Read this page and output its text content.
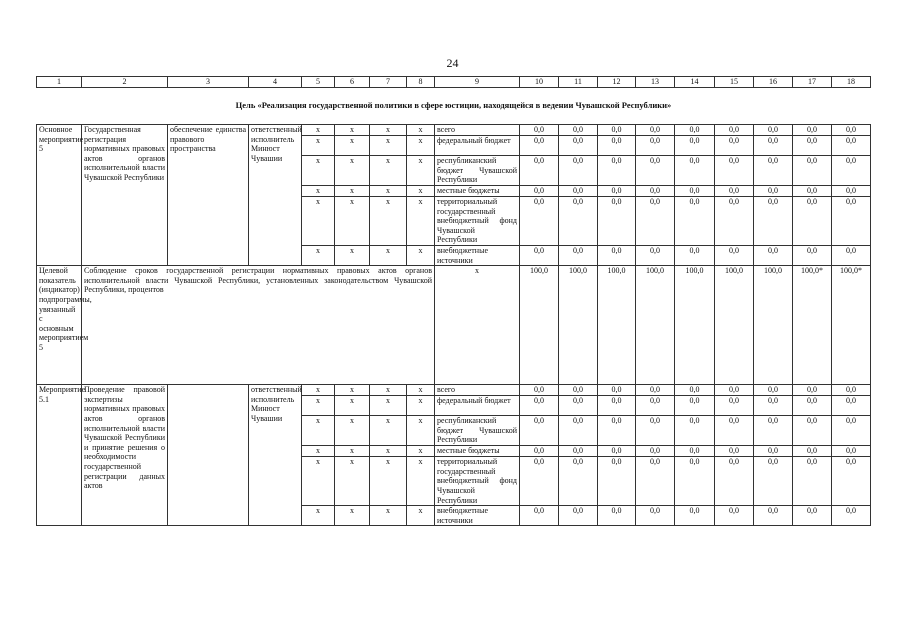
24
1	2	3	4	5	6	7	8	9	10	11	12	13	14	15	16	17	18
Цель «Реализация государственной политики в сфере юстиции, находящейся в ведении Чувашской Республики»																	
Основное мероприятие 5	Государственная регистрация нормативных правовых актов органов исполнительной власти Чувашской Республики	обеспечение единства правового пространства	ответственный исполнитель Минюст Чувашии	x	x	x	x	всего	0,0	0,0	0,0	0,0	0,0	0,0	0,0	0,0	0,0
				x	x	x	x	федеральный бюджет	0,0	0,0	0,0	0,0	0,0	0,0	0,0	0,0	0,0
				x	x	x	x	республиканский бюджет Чувашской Республики	0,0	0,0	0,0	0,0	0,0	0,0	0,0	0,0	0,0
				x	x	x	x	местные бюджеты	0,0	0,0	0,0	0,0	0,0	0,0	0,0	0,0	0,0
				x	x	x	x	территориальный государственный внебюджетный фонд Чувашской Республики	0,0	0,0	0,0	0,0	0,0	0,0	0,0	0,0	0,0
				x	x	x	x	внебюджетные источники	0,0	0,0	0,0	0,0	0,0	0,0	0,0	0,0	0,0
Целевой показатель (индикатор) подпрограммы, увязанный с основным мероприятием 5	Соблюдение сроков государственной регистрации нормативных правовых актов органов исполнительной власти Чувашской Республики, установленных законодательством Чувашской Республики, процентов							x	100,0	100,0	100,0	100,0	100,0	100,0	100,0	100,0*	100,0*
Мероприятие 5.1	Проведение правовой экспертизы нормативных правовых актов органов исполнительной власти Чувашской Республики и принятие решения о необходимости государственной регистрации данных актов		ответственный исполнитель Минюст Чувашии	x	x	x	x	всего	0,0	0,0	0,0	0,0	0,0	0,0	0,0	0,0	0,0
				x	x	x	x	федеральный бюджет	0,0	0,0	0,0	0,0	0,0	0,0	0,0	0,0	0,0
				x	x	x	x	республиканский бюджет Чувашской Республики	0,0	0,0	0,0	0,0	0,0	0,0	0,0	0,0	0,0
				x	x	x	x	местные бюджеты	0,0	0,0	0,0	0,0	0,0	0,0	0,0	0,0	0,0
				x	x	x	x	территориальный государственный внебюджетный фонд Чувашской Республики	0,0	0,0	0,0	0,0	0,0	0,0	0,0	0,0	0,0
				x	x	x	x	внебюджетные источники	0,0	0,0	0,0	0,0	0,0	0,0	0,0	0,0	0,0
